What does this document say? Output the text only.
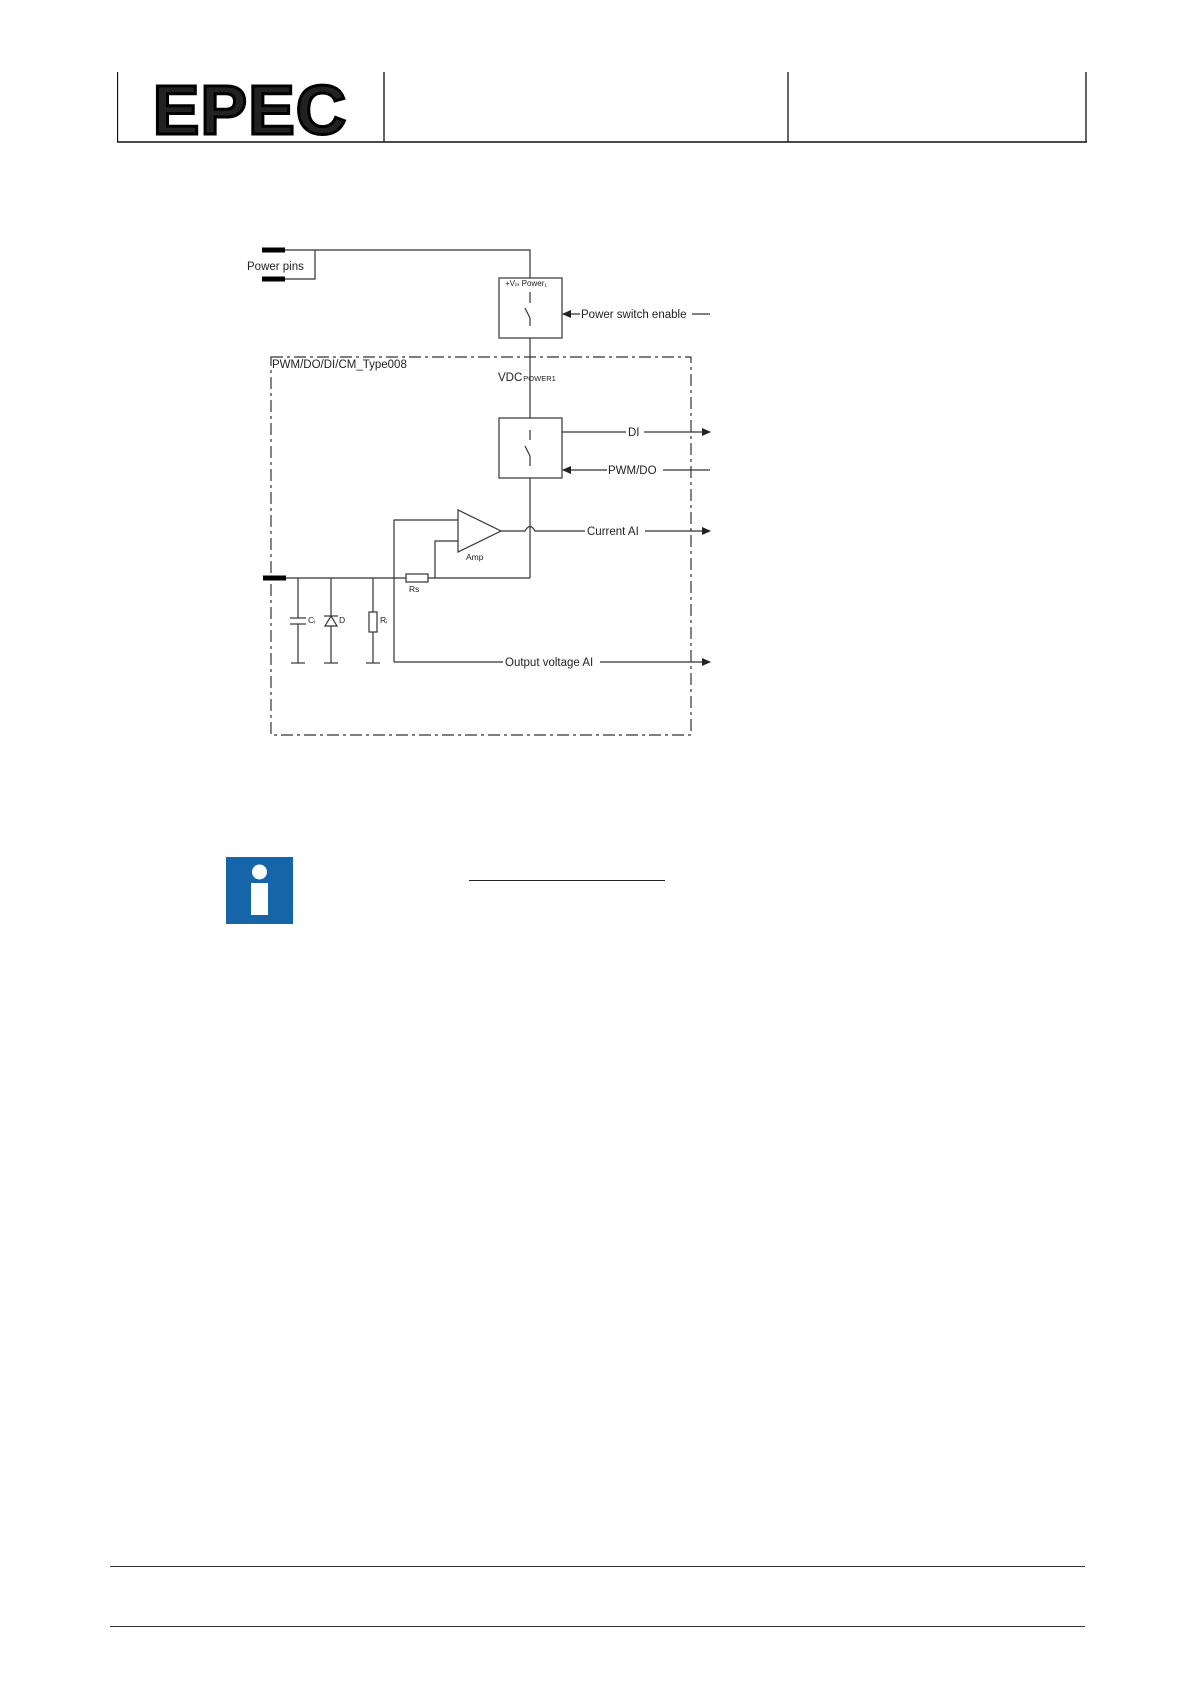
EPEC
Power pins
+Vᵢₙ Power₁
Power switch enable
PWM/DO/DI/CM_Type008
VDCPOWER1
DI
PWM/DO
Current AI
Amp
Rs
Cᵢ	D	Rᵢ
Output voltage AI
